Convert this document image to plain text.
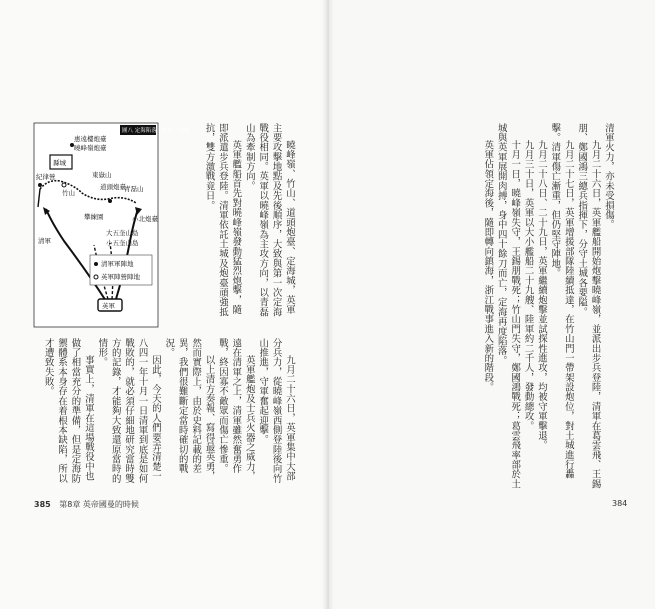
圖八 定海陷落・作戰示意圖
縣城
英軍
惠遠樓炮臺
曉峰嶺炮臺
紀律營
竹山
東嶽山
道頭炮臺
青磊山
小北炮臺
攀練園
大五奎山島
小五奎山島
清軍
清軍軍陣地
英軍陣營陣地	曉峰嶺、竹山、道頭炮臺、定海城，英軍主要攻擊地點及先後順序，大致與第一次定海戰役相同。英軍以曉峰嶺為主攻方向，以青磊山為牽制方向。

英軍艦船首先對曉峰嶺發動猛烈炮擊，隨即派遣步兵登陸。清軍依託土城及炮臺頑強抵抗，雙方激戰竟日。

九月二十六日，英軍集中大部分兵力，從曉峰嶺西側登陸後向竹山推進，守軍奮起迎擊。

英軍艦炮及士兵火器之威力，遠在清軍之上，清軍雖然奮勇作戰，終因寡不敵眾而傷亡慘重。

以上清方奏報、寫得最英勇，然而實際上，由於史料記載的差異，我們很難斷定當時確切的戰況。

因此，今天的人們要弄清楚一八四一年十月一日清軍到底是如何戰敗的，就必須仔細地研究當時雙方的記錄，才能夠大致還原當時的情形。

事實上，清軍在這場戰役中也做了相當充分的準備，但是定海防禦體系本身存在着根本缺陷，所以才遭致失敗。

385 第8章 英帝國曼的時候

清軍火力，亦未受損傷。

九月二十六日，英軍艦船開始炮擊曉峰嶺，並派出步兵登陸，清軍在葛雲飛、王錫朋、鄭國鴻三總兵指揮下，分守土城各要隘。

九月二十七日，英軍增援部隊陸續抵達，在竹山門一帶架設炮位，對土城進行轟擊。清軍傷亡漸重，但仍堅守陣地。

九月二十八日、二十九日，英軍繼續炮擊並試探性進攻，均被守軍擊退。

九月三十日，英軍以大小艦船二十九艘、陸軍約二千人，發動總攻。

十月一日，曉峰嶺失守，王錫朋戰死；竹山門失守，鄭國鴻戰死；葛雲飛率部於土城與英軍展開肉搏，身中四十餘刀而亡，定海再度陷落。

英軍佔領定海後，隨即轉向鎮海，浙江戰事進入新的階段。

384
